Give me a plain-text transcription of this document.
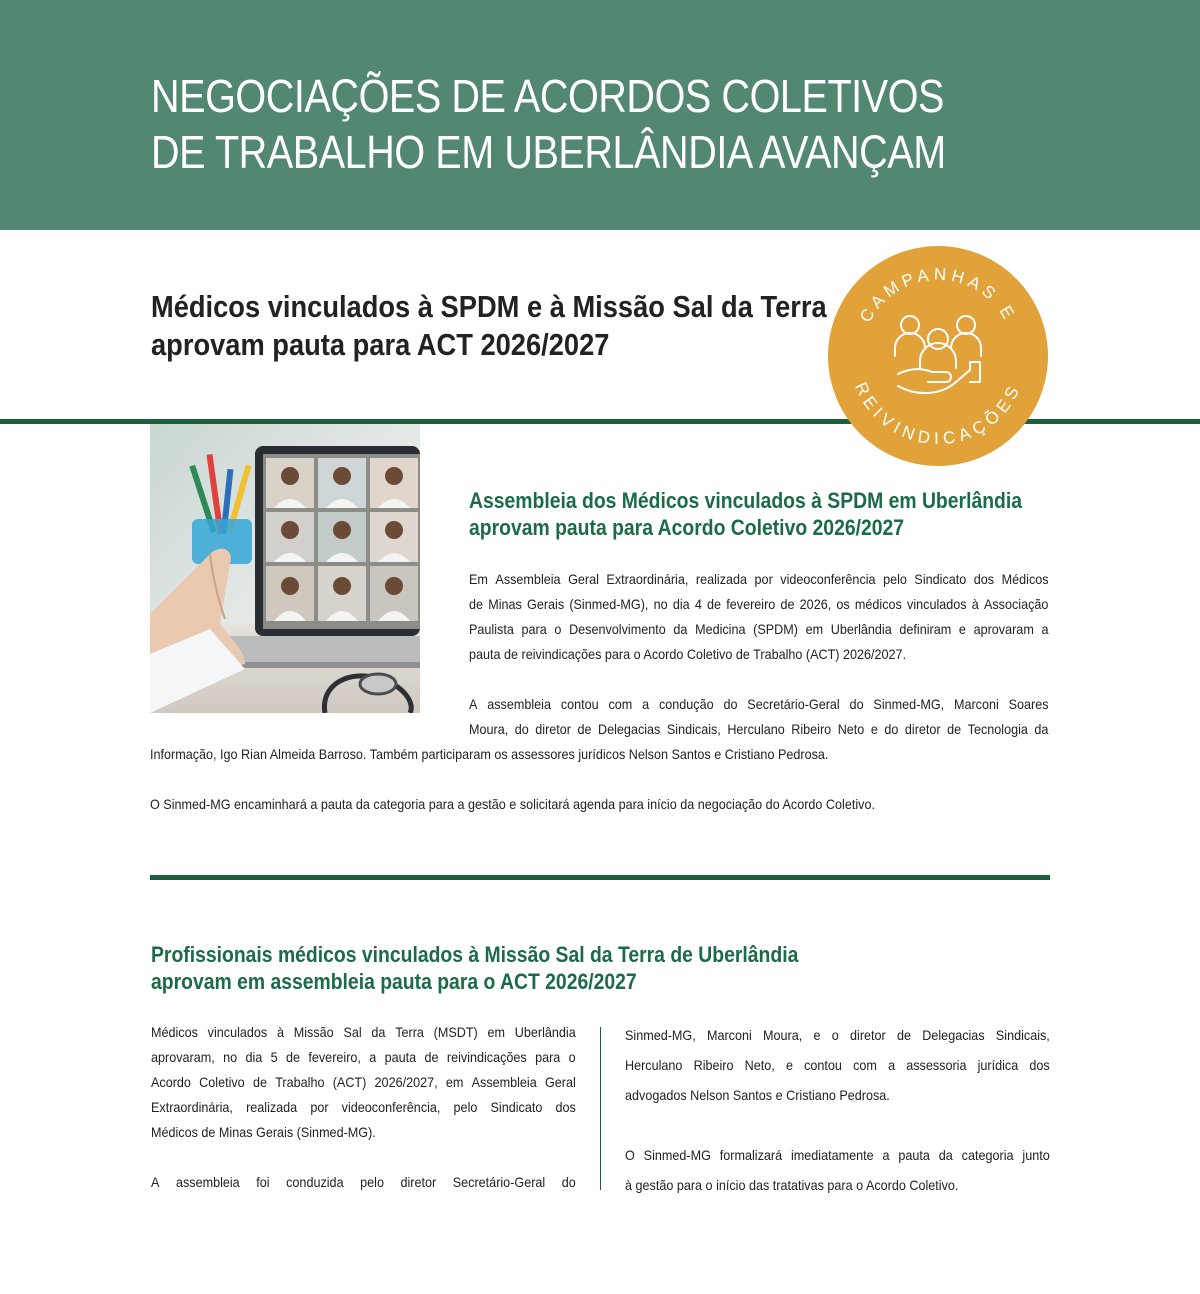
NEGOCIAÇÕES DE ACORDOS COLETIVOS
DE TRABALHO EM UBERLÂNDIA AVANÇAM
Médicos vinculados à SPDM e à Missão Sal da Terra
aprovam pauta para ACT 2026/2027
CAMPANHAS E
REIVINDICAÇÕES
Assembleia dos Médicos vinculados à SPDM em Uberlândia
aprovam pauta para Acordo Coletivo 2026/2027
Em Assembleia Geral Extraordinária, realizada por videoconferência pelo Sindicato dos Médicos
de Minas Gerais (Sinmed-MG), no dia 4 de fevereiro de 2026, os médicos vinculados à Associação
Paulista para o Desenvolvimento da Medicina (SPDM) em Uberlândia definiram e aprovaram a
pauta de reivindicações para o Acordo Coletivo de Trabalho (ACT) 2026/2027.
A assembleia contou com a condução do Secretário-Geral do Sinmed-MG, Marconi Soares
Moura, do diretor de Delegacias Sindicais, Herculano Ribeiro Neto e do diretor de Tecnologia da
Informação, Igo Rian Almeida Barroso. Também participaram os assessores jurídicos Nelson Santos e Cristiano Pedrosa.
O Sinmed-MG encaminhará a pauta da categoria para a gestão e solicitará agenda para início da negociação do Acordo Coletivo.
Profissionais médicos vinculados à Missão Sal da Terra de Uberlândia
aprovam em assembleia pauta para o ACT 2026/2027
Médicos vinculados à Missão Sal da Terra (MSDT) em Uberlândia
aprovaram, no dia 5 de fevereiro, a pauta de reivindicações para o
Acordo Coletivo de Trabalho (ACT) 2026/2027, em Assembleia Geral
Extraordinária, realizada por videoconferência, pelo Sindicato dos
Médicos de Minas Gerais (Sinmed-MG).

A assembleia foi conduzida pelo diretor Secretário-Geral do
Sinmed-MG, Marconi Moura, e o diretor de Delegacias Sindicais,
Herculano Ribeiro Neto, e contou com a assessoria jurídica dos
advogados Nelson Santos e Cristiano Pedrosa.

O Sinmed-MG formalizará imediatamente a pauta da categoria junto
à gestão para o início das tratativas para o Acordo Coletivo.
